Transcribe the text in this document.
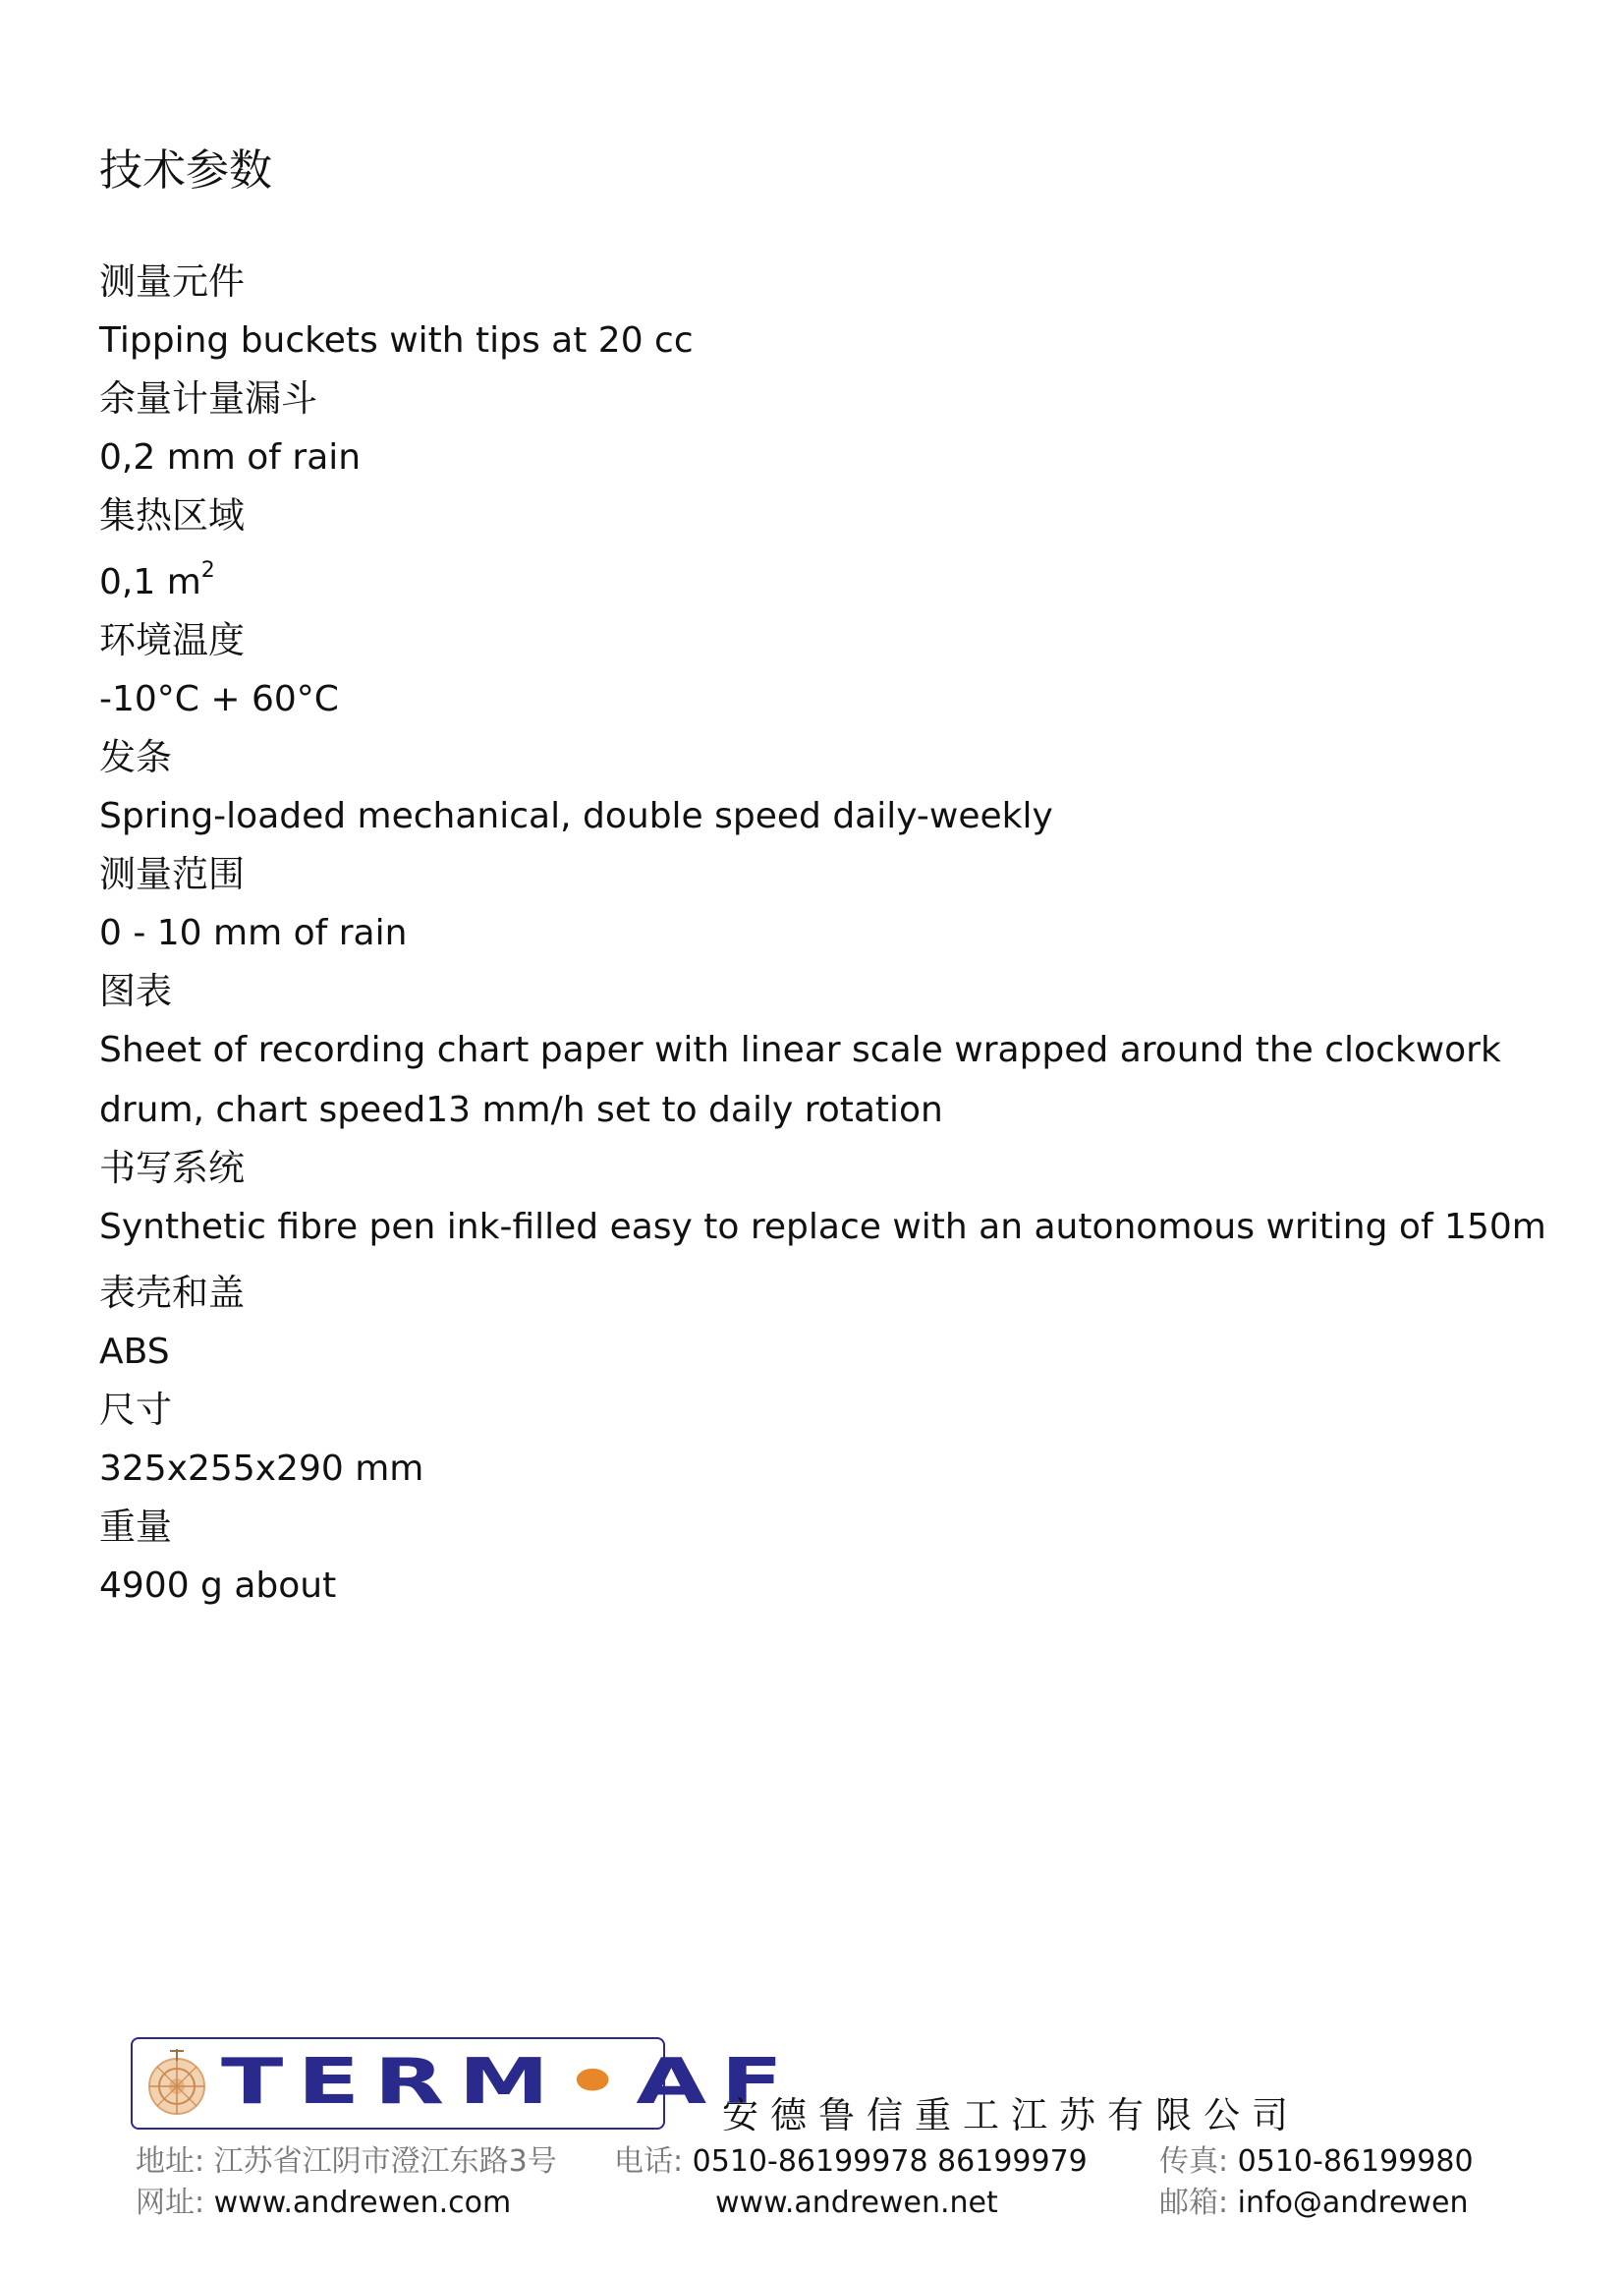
技术参数
测量元件
Tipping buckets with tips at 20 cc
余量计量漏斗
0,2 mm of rain
集热区域
0,1 $m^2$
环境温度
-10°C + 60°C
发条
Spring-loaded mechanical, double speed daily-weekly
测量范围
0 - 10 mm of rain
图表
Sheet of recording chart paper with linear scale wrapped around the clockwork drum, chart speed13 mm/h set to daily rotation
书写系统
Synthetic fibre pen ink-filled easy to replace with an autonomous writing of 150m
表壳和盖
ABS
尺寸
325x255x290 mm
重量
4900 g about
TERM•AF
安德鲁信重工江苏有限公司
地址: 江苏省江阴市澄江东路3号 电话: 0510-86199978 86199979 传真: 0510-86199980
网址: www.andrewen.com	www.andrewen.net	邮箱: info@andrewen
